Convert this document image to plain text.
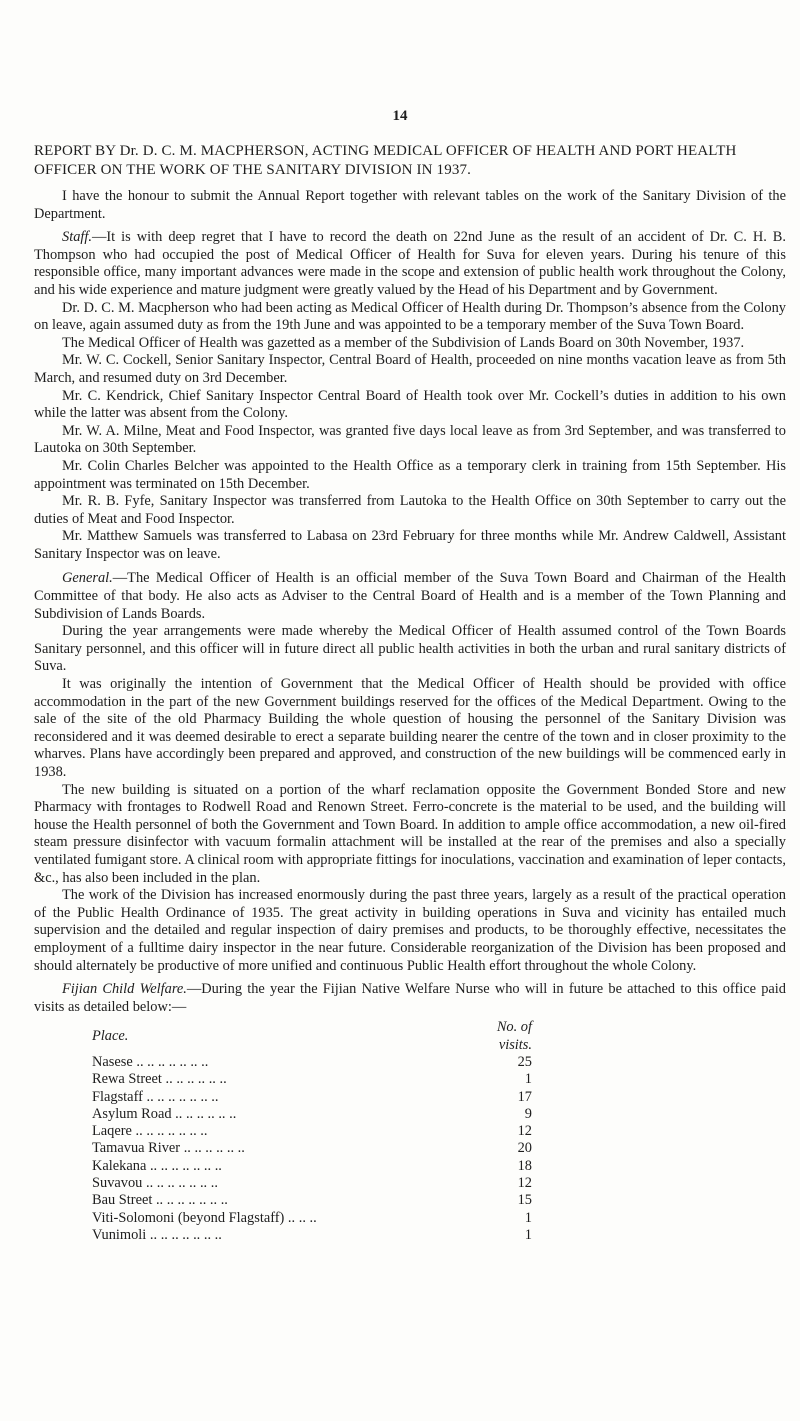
14
REPORT BY Dr. D. C. M. MACPHERSON, ACTING MEDICAL OFFICER OF HEALTH AND PORT HEALTH OFFICER ON THE WORK OF THE SANITARY DIVISION IN 1937.

I have the honour to submit the Annual Report together with relevant tables on the work of the Sanitary Division of the Department.

Staff.—It is with deep regret that I have to record the death on 22nd June as the result of an accident of Dr. C. H. B. Thompson who had occupied the post of Medical Officer of Health for Suva for eleven years. During his tenure of this responsible office, many important advances were made in the scope and extension of public health work throughout the Colony, and his wide experience and mature judgment were greatly valued by the Head of his Department and by Government.

Dr. D. C. M. Macpherson who had been acting as Medical Officer of Health during Dr. Thompson’s absence from the Colony on leave, again assumed duty as from the 19th June and was appointed to be a temporary member of the Suva Town Board.

The Medical Officer of Health was gazetted as a member of the Subdivision of Lands Board on 30th November, 1937.

Mr. W. C. Cockell, Senior Sanitary Inspector, Central Board of Health, proceeded on nine months vacation leave as from 5th March, and resumed duty on 3rd December.

Mr. C. Kendrick, Chief Sanitary Inspector Central Board of Health took over Mr. Cockell’s duties in addition to his own while the latter was absent from the Colony.

Mr. W. A. Milne, Meat and Food Inspector, was granted five days local leave as from 3rd September, and was transferred to Lautoka on 30th September.

Mr. Colin Charles Belcher was appointed to the Health Office as a temporary clerk in training from 15th September. His appointment was terminated on 15th December.

Mr. R. B. Fyfe, Sanitary Inspector was transferred from Lautoka to the Health Office on 30th September to carry out the duties of Meat and Food Inspector.

Mr. Matthew Samuels was transferred to Labasa on 23rd February for three months while Mr. Andrew Caldwell, Assistant Sanitary Inspector was on leave.

General.—The Medical Officer of Health is an official member of the Suva Town Board and Chairman of the Health Committee of that body. He also acts as Adviser to the Central Board of Health and is a member of the Town Planning and Subdivision of Lands Boards.

During the year arrangements were made whereby the Medical Officer of Health assumed control of the Town Boards Sanitary personnel, and this officer will in future direct all public health activities in both the urban and rural sanitary districts of Suva.

It was originally the intention of Government that the Medical Officer of Health should be provided with office accommodation in the part of the new Government buildings reserved for the offices of the Medical Department. Owing to the sale of the site of the old Pharmacy Building the whole question of housing the personnel of the Sanitary Division was reconsidered and it was deemed desirable to erect a separate building nearer the centre of the town and in closer proximity to the wharves. Plans have accordingly been prepared and approved, and construction of the new buildings will be commenced early in 1938.

The new building is situated on a portion of the wharf reclamation opposite the Government Bonded Store and new Pharmacy with frontages to Rodwell Road and Renown Street. Ferro-concrete is the material to be used, and the building will house the Health personnel of both the Government and Town Board. In addition to ample office accommodation, a new oil-fired steam pressure disinfector with vacuum formalin attachment will be installed at the rear of the premises and also a specially ventilated fumigant store. A clinical room with appropriate fittings for inoculations, vaccination and examination of leper contacts, &c., has also been included in the plan.

The work of the Division has increased enormously during the past three years, largely as a result of the practical operation of the Public Health Ordinance of 1935. The great activity in building operations in Suva and vicinity has entailed much supervision and the detailed and regular inspection of dairy premises and products, to be thoroughly effective, necessitates the employment of a fulltime dairy inspector in the near future. Considerable reorganization of the Division has been proposed and should alternately be productive of more unified and continuous Public Health effort throughout the whole Colony.

Fijian Child Welfare.—During the year the Fijian Native Welfare Nurse who will in future be attached to this office paid visits as detailed below:—

Place.	No. of visits.
Nasese .. .. .. .. .. .. ..	25
Rewa Street .. .. .. .. .. ..	1
Flagstaff .. .. .. .. .. .. ..	17
Asylum Road .. .. .. .. .. ..	9
Laqere .. .. .. .. .. .. ..	12
Tamavua River .. .. .. .. .. ..	20
Kalekana .. .. .. .. .. .. ..	18
Suvavou .. .. .. .. .. .. ..	12
Bau Street .. .. .. .. .. .. ..	15
Viti-Solomoni (beyond Flagstaff) .. .. ..	1
Vunimoli .. .. .. .. .. .. ..	1
